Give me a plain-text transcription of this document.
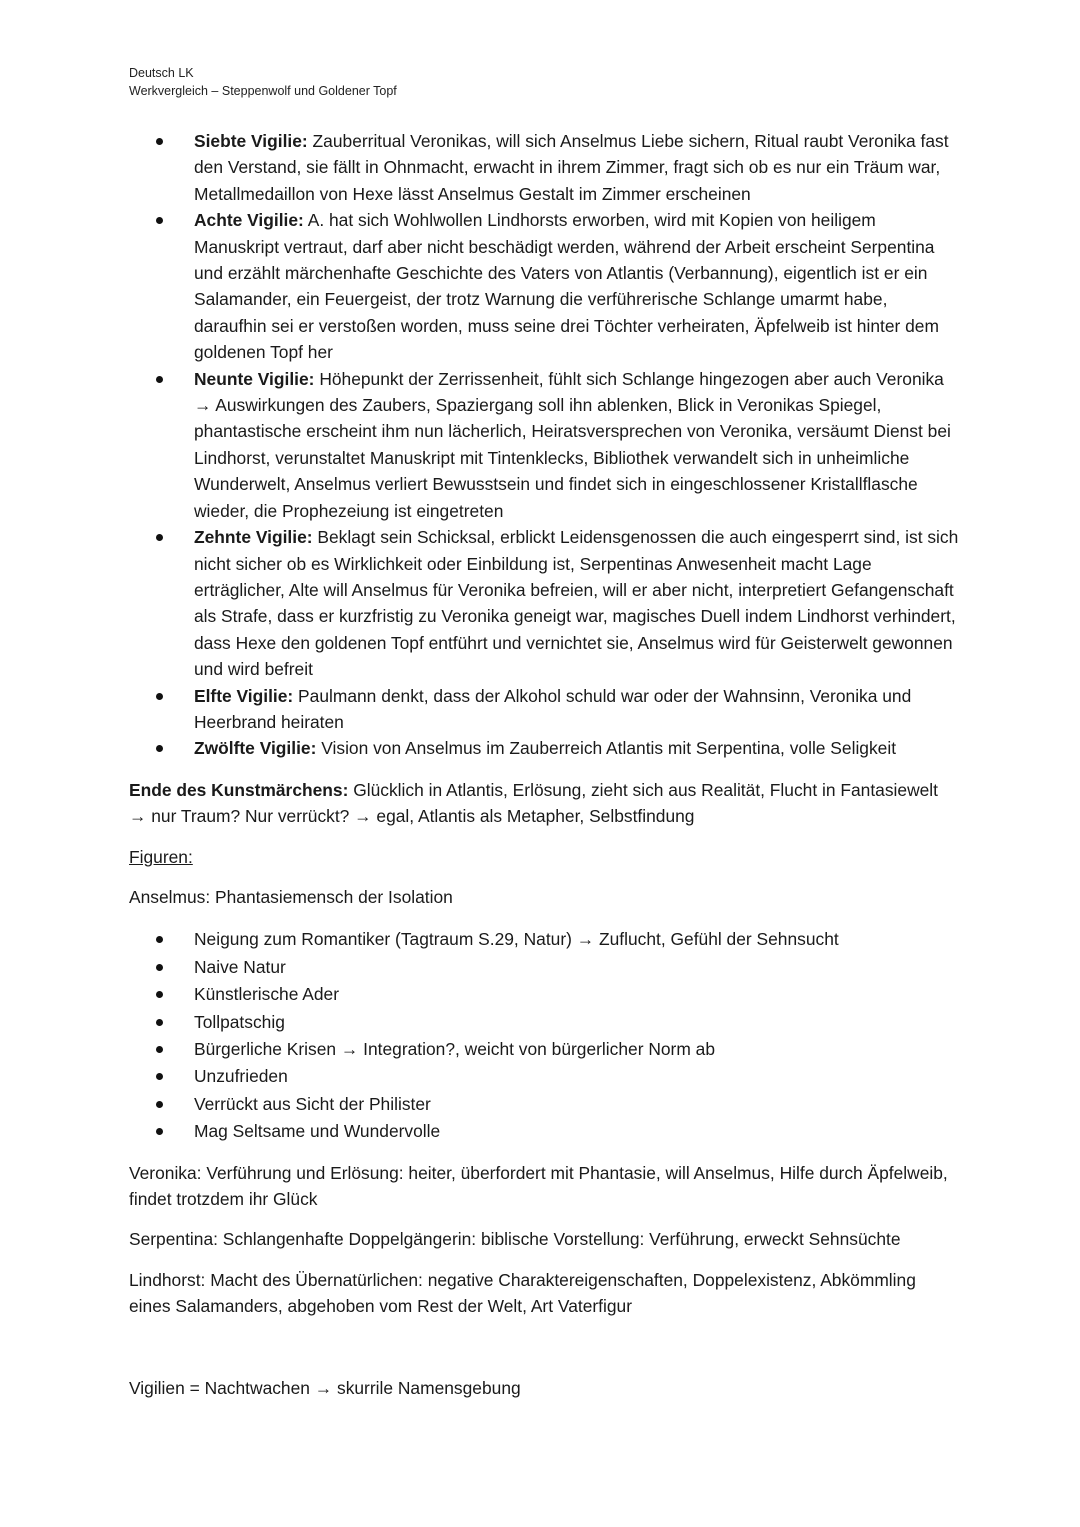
Deutsch LK
Werkvergleich – Steppenwolf und Goldener Topf
Siebte Vigilie: Zauberritual Veronikas, will sich Anselmus Liebe sichern, Ritual raubt Veronika fast den Verstand, sie fällt in Ohnmacht, erwacht in ihrem Zimmer, fragt sich ob es nur ein Träum war, Metallmedaillon von Hexe lässt Anselmus Gestalt im Zimmer erscheinen
Achte Vigilie: A. hat sich Wohlwollen Lindhorsts erworben, wird mit Kopien von heiligem Manuskript vertraut, darf aber nicht beschädigt werden, während der Arbeit erscheint Serpentina und erzählt märchenhafte Geschichte des Vaters von Atlantis (Verbannung), eigentlich ist er ein Salamander, ein Feuergeist, der trotz Warnung die verführerische Schlange umarmt habe, daraufhin sei er verstoßen worden, muss seine drei Töchter verheiraten, Äpfelweib ist hinter dem goldenen Topf her
Neunte Vigilie: Höhepunkt der Zerrissenheit, fühlt sich Schlange hingezogen aber auch Veronika → Auswirkungen des Zaubers, Spaziergang soll ihn ablenken, Blick in Veronikas Spiegel, phantastische erscheint ihm nun lächerlich, Heiratsversprechen von Veronika, versäumt Dienst bei Lindhorst, verunstaltet Manuskript mit Tintenklecks, Bibliothek verwandelt sich in unheimliche Wunderwelt, Anselmus verliert Bewusstsein und findet sich in eingeschlossener Kristallflasche wieder, die Prophezeiung ist eingetreten
Zehnte Vigilie: Beklagt sein Schicksal, erblickt Leidensgenossen die auch eingesperrt sind, ist sich nicht sicher ob es Wirklichkeit oder Einbildung ist, Serpentinas Anwesenheit macht Lage erträglicher, Alte will Anselmus für Veronika befreien, will er aber nicht, interpretiert Gefangenschaft als Strafe, dass er kurzfristig zu Veronika geneigt war, magisches Duell indem Lindhorst verhindert, dass Hexe den goldenen Topf entführt und vernichtet sie, Anselmus wird für Geisterwelt gewonnen und wird befreit
Elfte Vigilie: Paulmann denkt, dass der Alkohol schuld war oder der Wahnsinn, Veronika und Heerbrand heiraten
Zwölfte Vigilie: Vision von Anselmus im Zauberreich Atlantis mit Serpentina, volle Seligkeit

Ende des Kunstmärchens: Glücklich in Atlantis, Erlösung, zieht sich aus Realität, Flucht in Fantasiewelt → nur Traum? Nur verrückt? → egal, Atlantis als Metapher, Selbstfindung

Figuren:

Anselmus: Phantasiemensch der Isolation

Neigung zum Romantiker (Tagtraum S.29, Natur) → Zuflucht, Gefühl der Sehnsucht
Naive Natur
Künstlerische Ader
Tollpatschig
Bürgerliche Krisen → Integration?, weicht von bürgerlicher Norm ab
Unzufrieden
Verrückt aus Sicht der Philister
Mag Seltsame und Wundervolle

Veronika: Verführung und Erlösung: heiter, überfordert mit Phantasie, will Anselmus, Hilfe durch Äpfelweib, findet trotzdem ihr Glück

Serpentina: Schlangenhafte Doppelgängerin: biblische Vorstellung: Verführung, erweckt Sehnsüchte

Lindhorst: Macht des Übernatürlichen: negative Charaktereigenschaften, Doppelexistenz, Abkömmling eines Salamanders, abgehoben vom Rest der Welt, Art Vaterfigur

Vigilien = Nachtwachen → skurrile Namensgebung
